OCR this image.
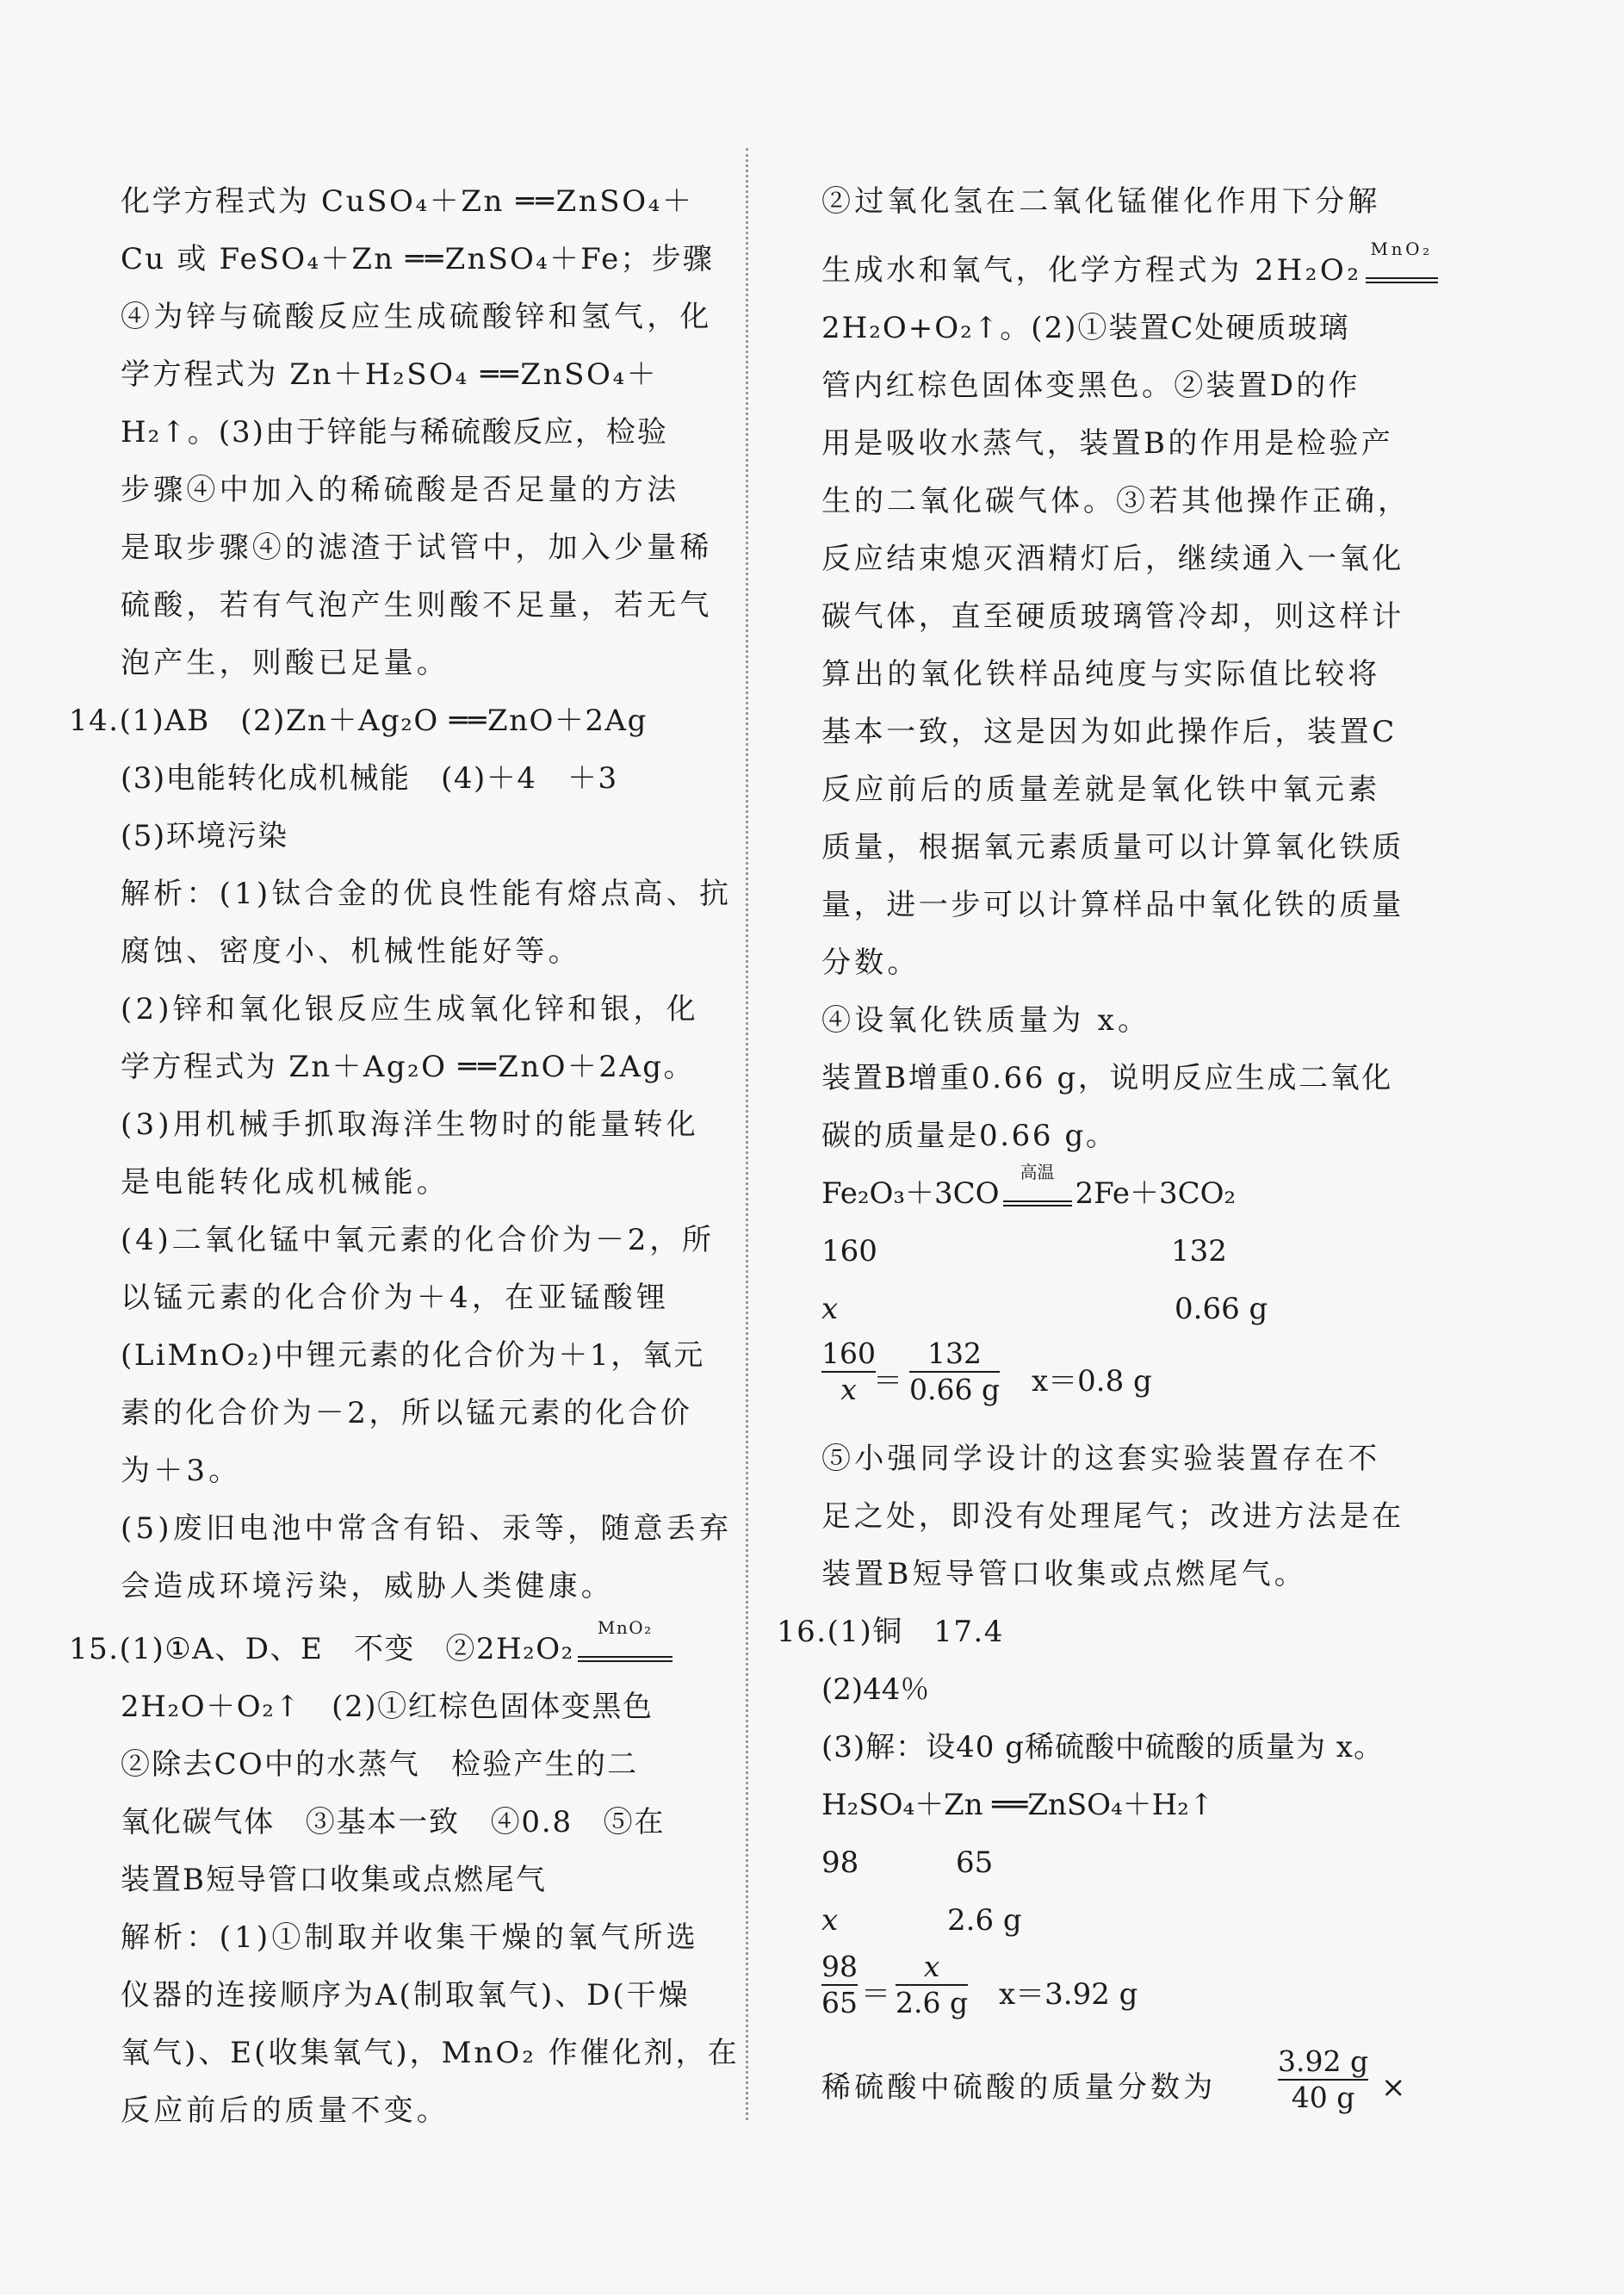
化学方程式为 CuSO₄＋Zn ══ZnSO₄＋
Cu 或 FeSO₄＋Zn ══ZnSO₄＋Fe；步骤
④为锌与硫酸反应生成硫酸锌和氢气，化
学方程式为 Zn＋H₂SO₄ ══ZnSO₄＋
H₂↑。(3)由于锌能与稀硫酸反应，检验
步骤④中加入的稀硫酸是否足量的方法
是取步骤④的滤渣于试管中，加入少量稀
硫酸，若有气泡产生则酸不足量，若无气
泡产生，则酸已足量。
14.(1)AB　(2)Zn＋Ag₂O ══ZnO＋2Ag
(3)电能转化成机械能　(4)＋4　＋3
(5)环境污染
解析：(1)钛合金的优良性能有熔点高、抗
腐蚀、密度小、机械性能好等。
(2)锌和氧化银反应生成氧化锌和银，化
学方程式为 Zn＋Ag₂O ══ZnO＋2Ag。
(3)用机械手抓取海洋生物时的能量转化
是电能转化成机械能。
(4)二氧化锰中氧元素的化合价为－2，所
以锰元素的化合价为＋4，在亚锰酸锂
(LiMnO₂)中锂元素的化合价为＋1，氧元
素的化合价为－2，所以锰元素的化合价
为＋3。
(5)废旧电池中常含有铅、汞等，随意丢弃
会造成环境污染，威胁人类健康。
15.(1)①A、D、E　不变　②2H₂O₂
MnO₂
2H₂O＋O₂↑　(2)①红棕色固体变黑色
②除去CO中的水蒸气　检验产生的二
氧化碳气体　③基本一致　④0.8　⑤在
装置B短导管口收集或点燃尾气
解析：(1)①制取并收集干燥的氧气所选
仪器的连接顺序为A(制取氧气)、D(干燥
氧气)、E(收集氧气)，MnO₂ 作催化剂，在
反应前后的质量不变。
②过氧化氢在二氧化锰催化作用下分解
生成水和氧气，化学方程式为 2H₂O₂
MnO₂
2H₂O+O₂↑。(2)①装置C处硬质玻璃
管内红棕色固体变黑色。②装置D的作
用是吸收水蒸气，装置B的作用是检验产
生的二氧化碳气体。③若其他操作正确，
反应结束熄灭酒精灯后，继续通入一氧化
碳气体，直至硬质玻璃管冷却，则这样计
算出的氧化铁样品纯度与实际值比较将
基本一致，这是因为如此操作后，装置C
反应前后的质量差就是氧化铁中氧元素
质量，根据氧元素质量可以计算氧化铁质
量，进一步可以计算样品中氧化铁的质量
分数。
④设氧化铁质量为 x。
装置B增重0.66 g，说明反应生成二氧化
碳的质量是0.66 g。
Fe₂O₃＋3CO
高温
2Fe＋3CO₂
160	132
x	0.66 g
160
x ＝
132
0.66 g x＝0.8 g
⑤小强同学设计的这套实验装置存在不
足之处，即没有处理尾气；改进方法是在
装置B短导管口收集或点燃尾气。
16.(1)铜　17.4
(2)44％
(3)解：设40 g稀硫酸中硫酸的质量为 x。
H₂SO₄＋Zn ══ZnSO₄＋H₂↑
98	65
x	2.6 g
98
65 ＝
x
2.6 g x＝3.92 g
稀硫酸中硫酸的质量分数为
3.92 g
40 g ×
